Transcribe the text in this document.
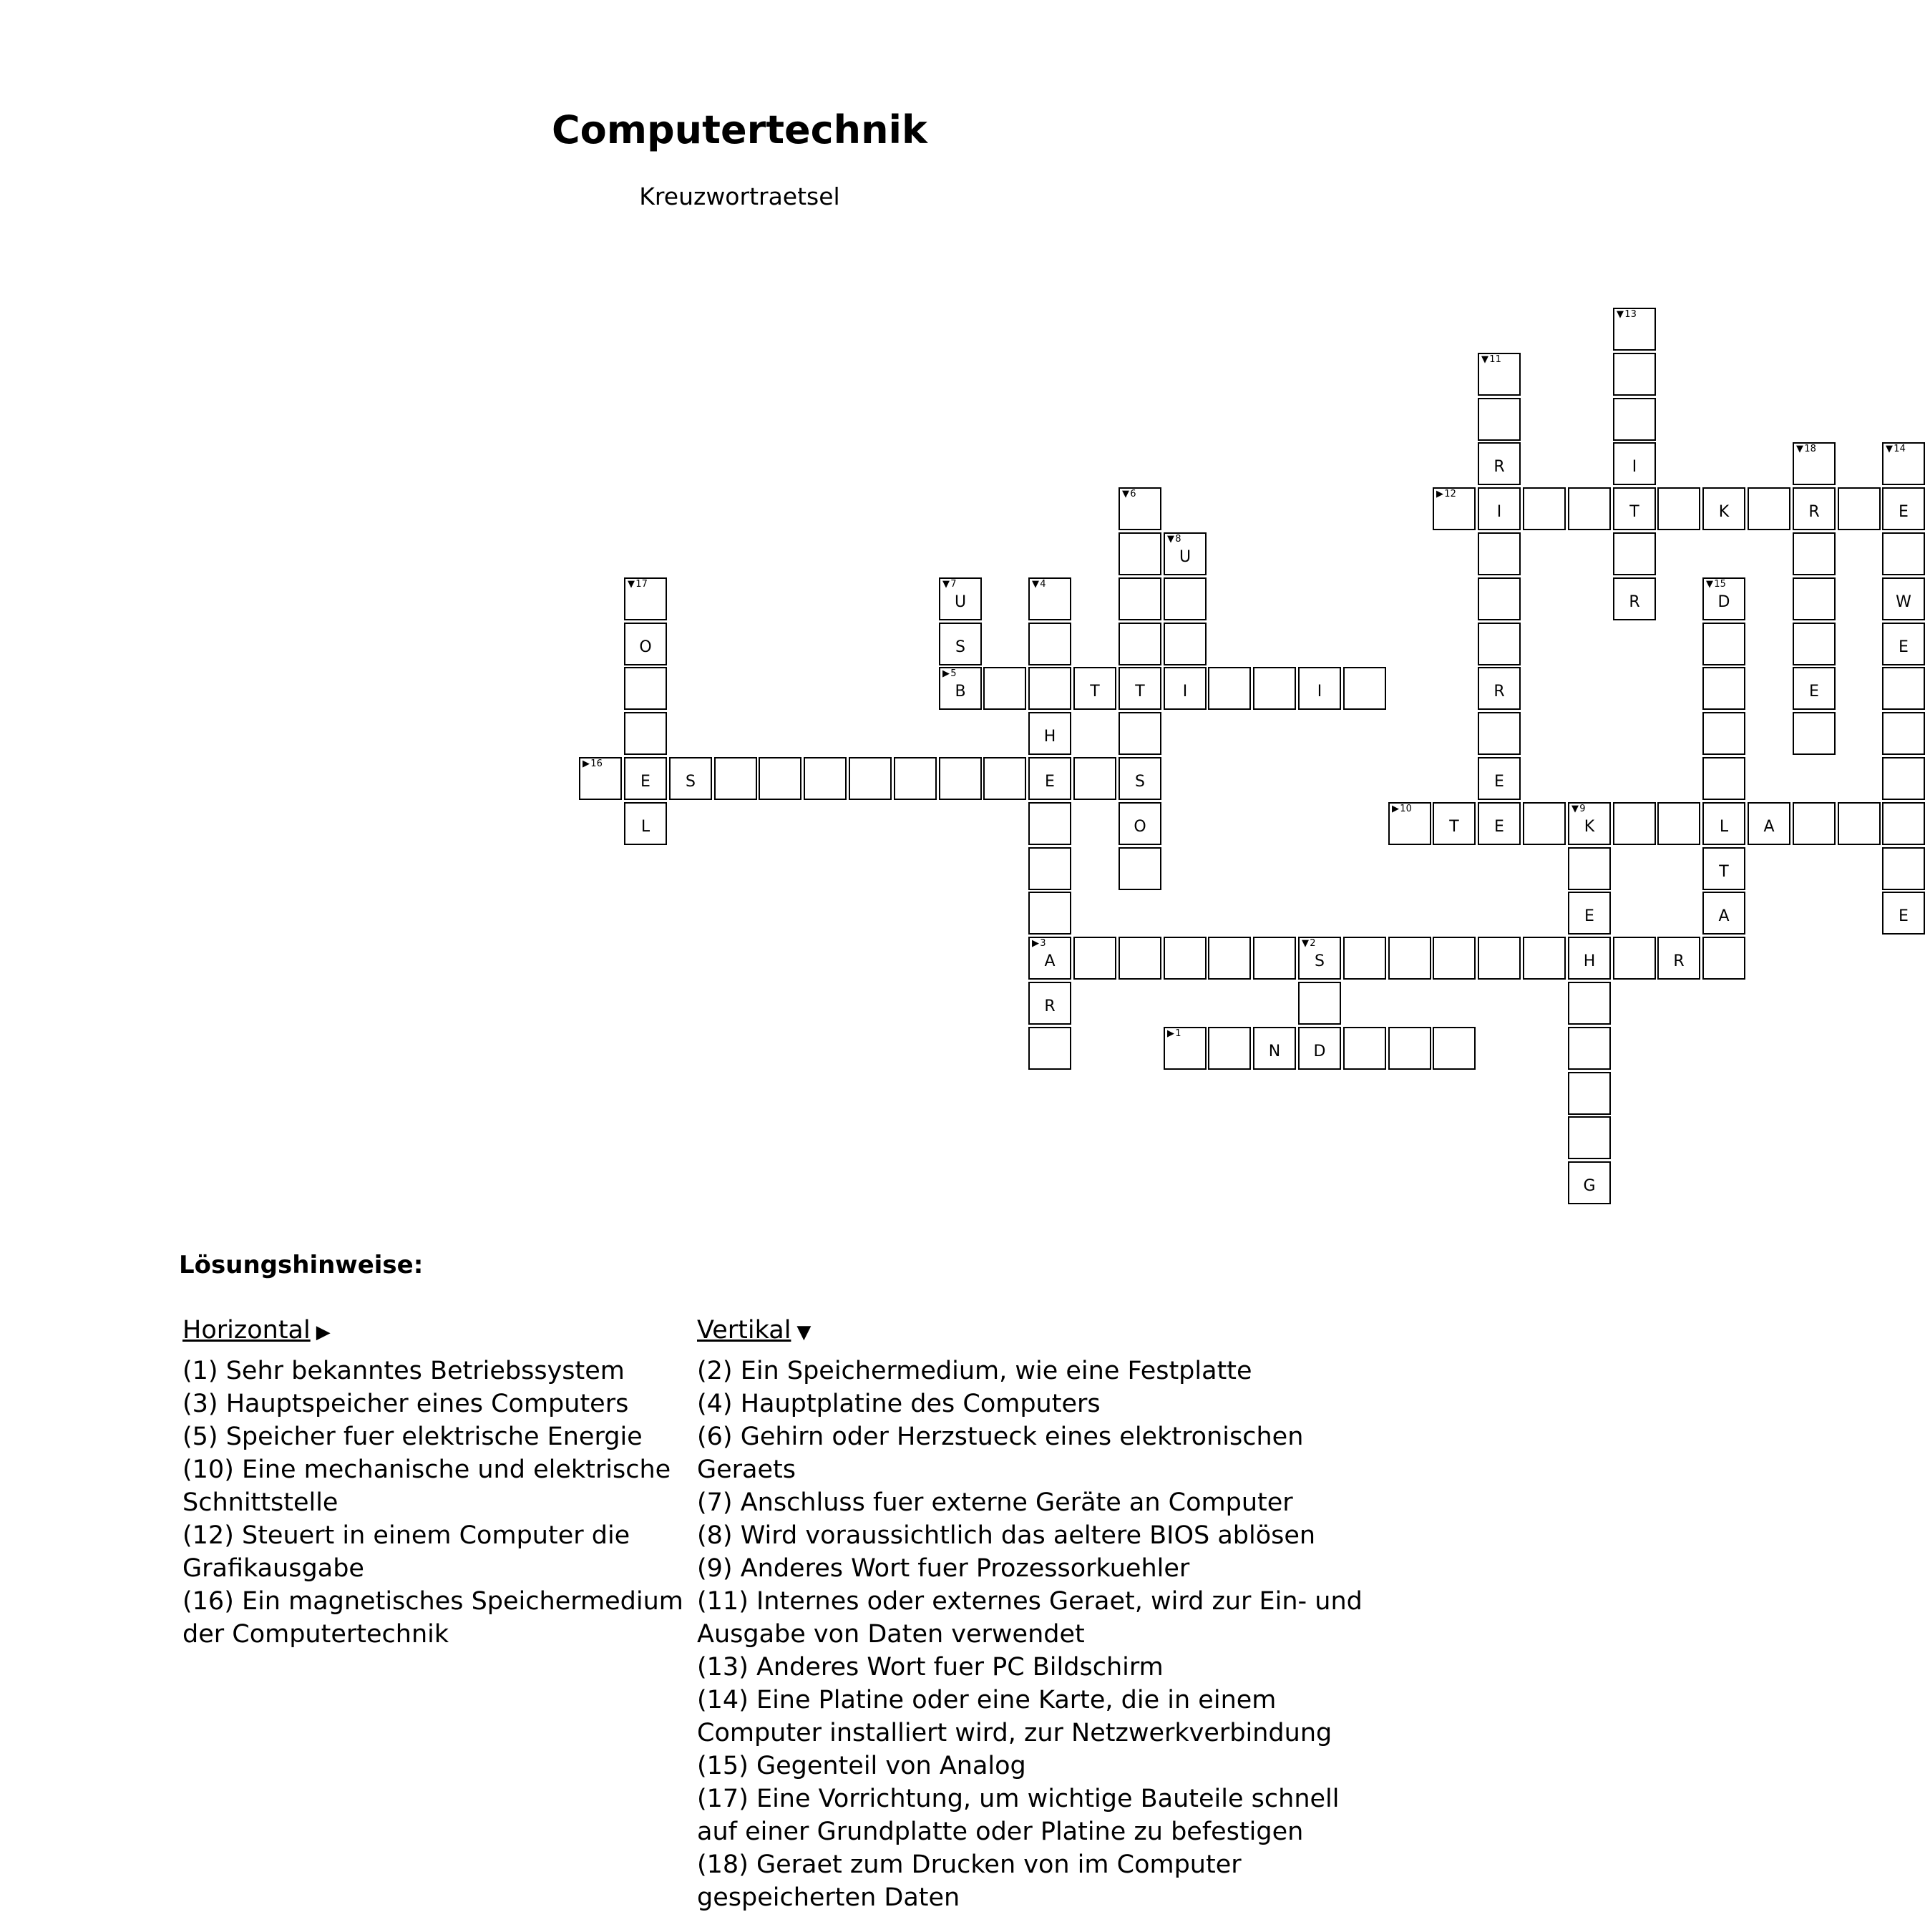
Computertechnik
Kreuzwortraetsel
▶ 1
N	D
▶ 3
A
▼ 2
S	H	R
▶ 5
B	T	T	I	I
▶ 10
T	E
▼ 9
K	L	A
▶ 12
I	T	K	R	E
▶ 16
E	S	E	S
▼ 4
H
R
▼ 6
O
▼ 7
U
S
▼ 8
U
E
G
▼ 11
R
R
E
▼ 13
I
R
▼ 14
W
E
E
▼ 15
D
T
A
▼ 17
O
L
▼ 18
E
Lösungshinweise:
Horizontal ▶

(1) Sehr bekanntes Betriebssystem

(3) Hauptspeicher eines Computers

(5) Speicher fuer elektrische Energie

(10) Eine mechanische und elektrische Schnittstelle

(12) Steuert in einem Computer die Grafikausgabe

(16) Ein magnetisches Speichermedium der Computertechnik

Vertikal ▼

(2) Ein Speichermedium, wie eine Festplatte

(4) Hauptplatine des Computers

(6) Gehirn oder Herzstueck eines elektronischen Geraets

(7) Anschluss fuer externe Geräte an Computer

(8) Wird voraussichtlich das aeltere BIOS ablösen

(9) Anderes Wort fuer Prozessorkuehler

(11) Internes oder externes Geraet, wird zur Ein- und Ausgabe von Daten verwendet

(13) Anderes Wort fuer PC Bildschirm

(14) Eine Platine oder eine Karte, die in einem Computer installiert wird, zur Netzwerkverbindung

(15) Gegenteil von Analog

(17) Eine Vorrichtung, um wichtige Bauteile schnell auf einer Grundplatte oder Platine zu befestigen

(18) Geraet zum Drucken von im Computer gespeicherten Daten
